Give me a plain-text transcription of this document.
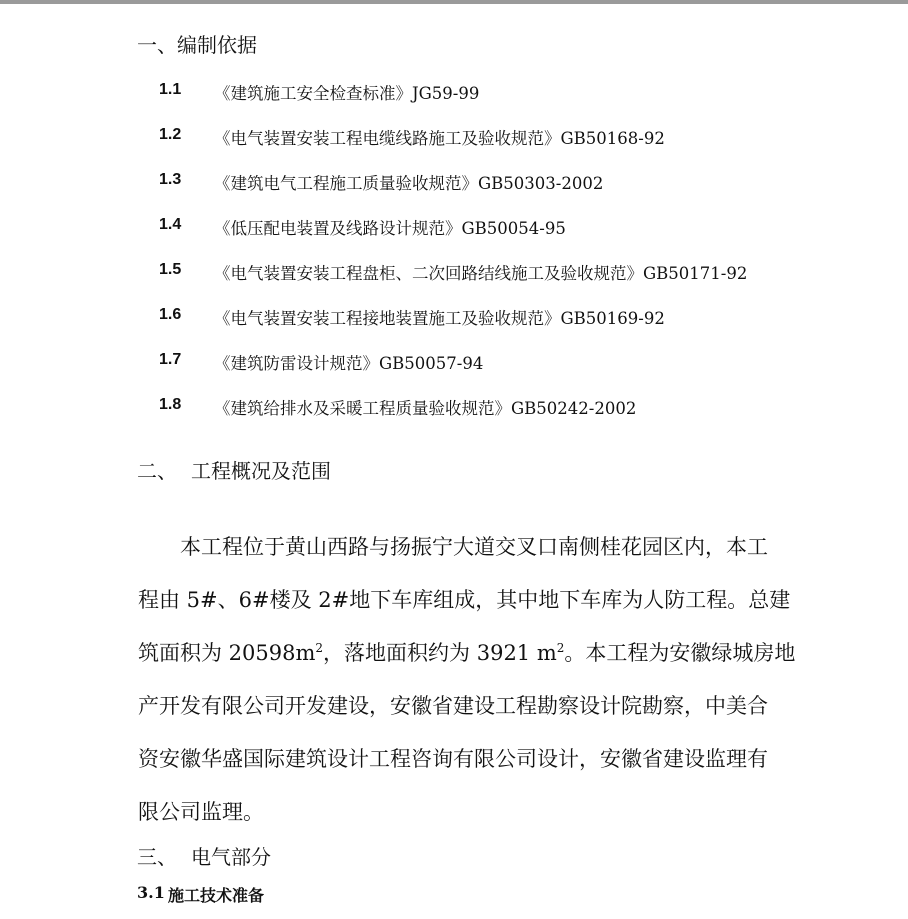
一、编制依据
1.1 《建筑施工安全检查标准》JG59-99
1.2 《电气装置安装工程电缆线路施工及验收规范》GB50168-92
1.3 《建筑电气工程施工质量验收规范》GB50303-2002
1.4 《低压配电装置及线路设计规范》GB50054-95
1.5 《电气装置安装工程盘柜、二次回路结线施工及验收规范》GB50171-92
1.6 《电气装置安装工程接地装置施工及验收规范》GB50169-92
1.7 《建筑防雷设计规范》GB50057-94
1.8 《建筑给排水及采暖工程质量验收规范》GB50242-2002
二、 工程概况及范围
本工程位于黄山西路与扬振宁大道交叉口南侧桂花园区内，本工
程由 5#、6#楼及 2#地下车库组成，其中地下车库为人防工程。总建
筑面积为 $20598m^2$，落地面积约为 3921 $m^2$。本工程为安徽绿城房地
产开发有限公司开发建设，安徽省建设工程勘察设计院勘察，中美合
资安徽华盛国际建筑设计工程咨询有限公司设计，安徽省建设监理有
限公司监理。
三、 电气部分
3.1 施工技术准备
